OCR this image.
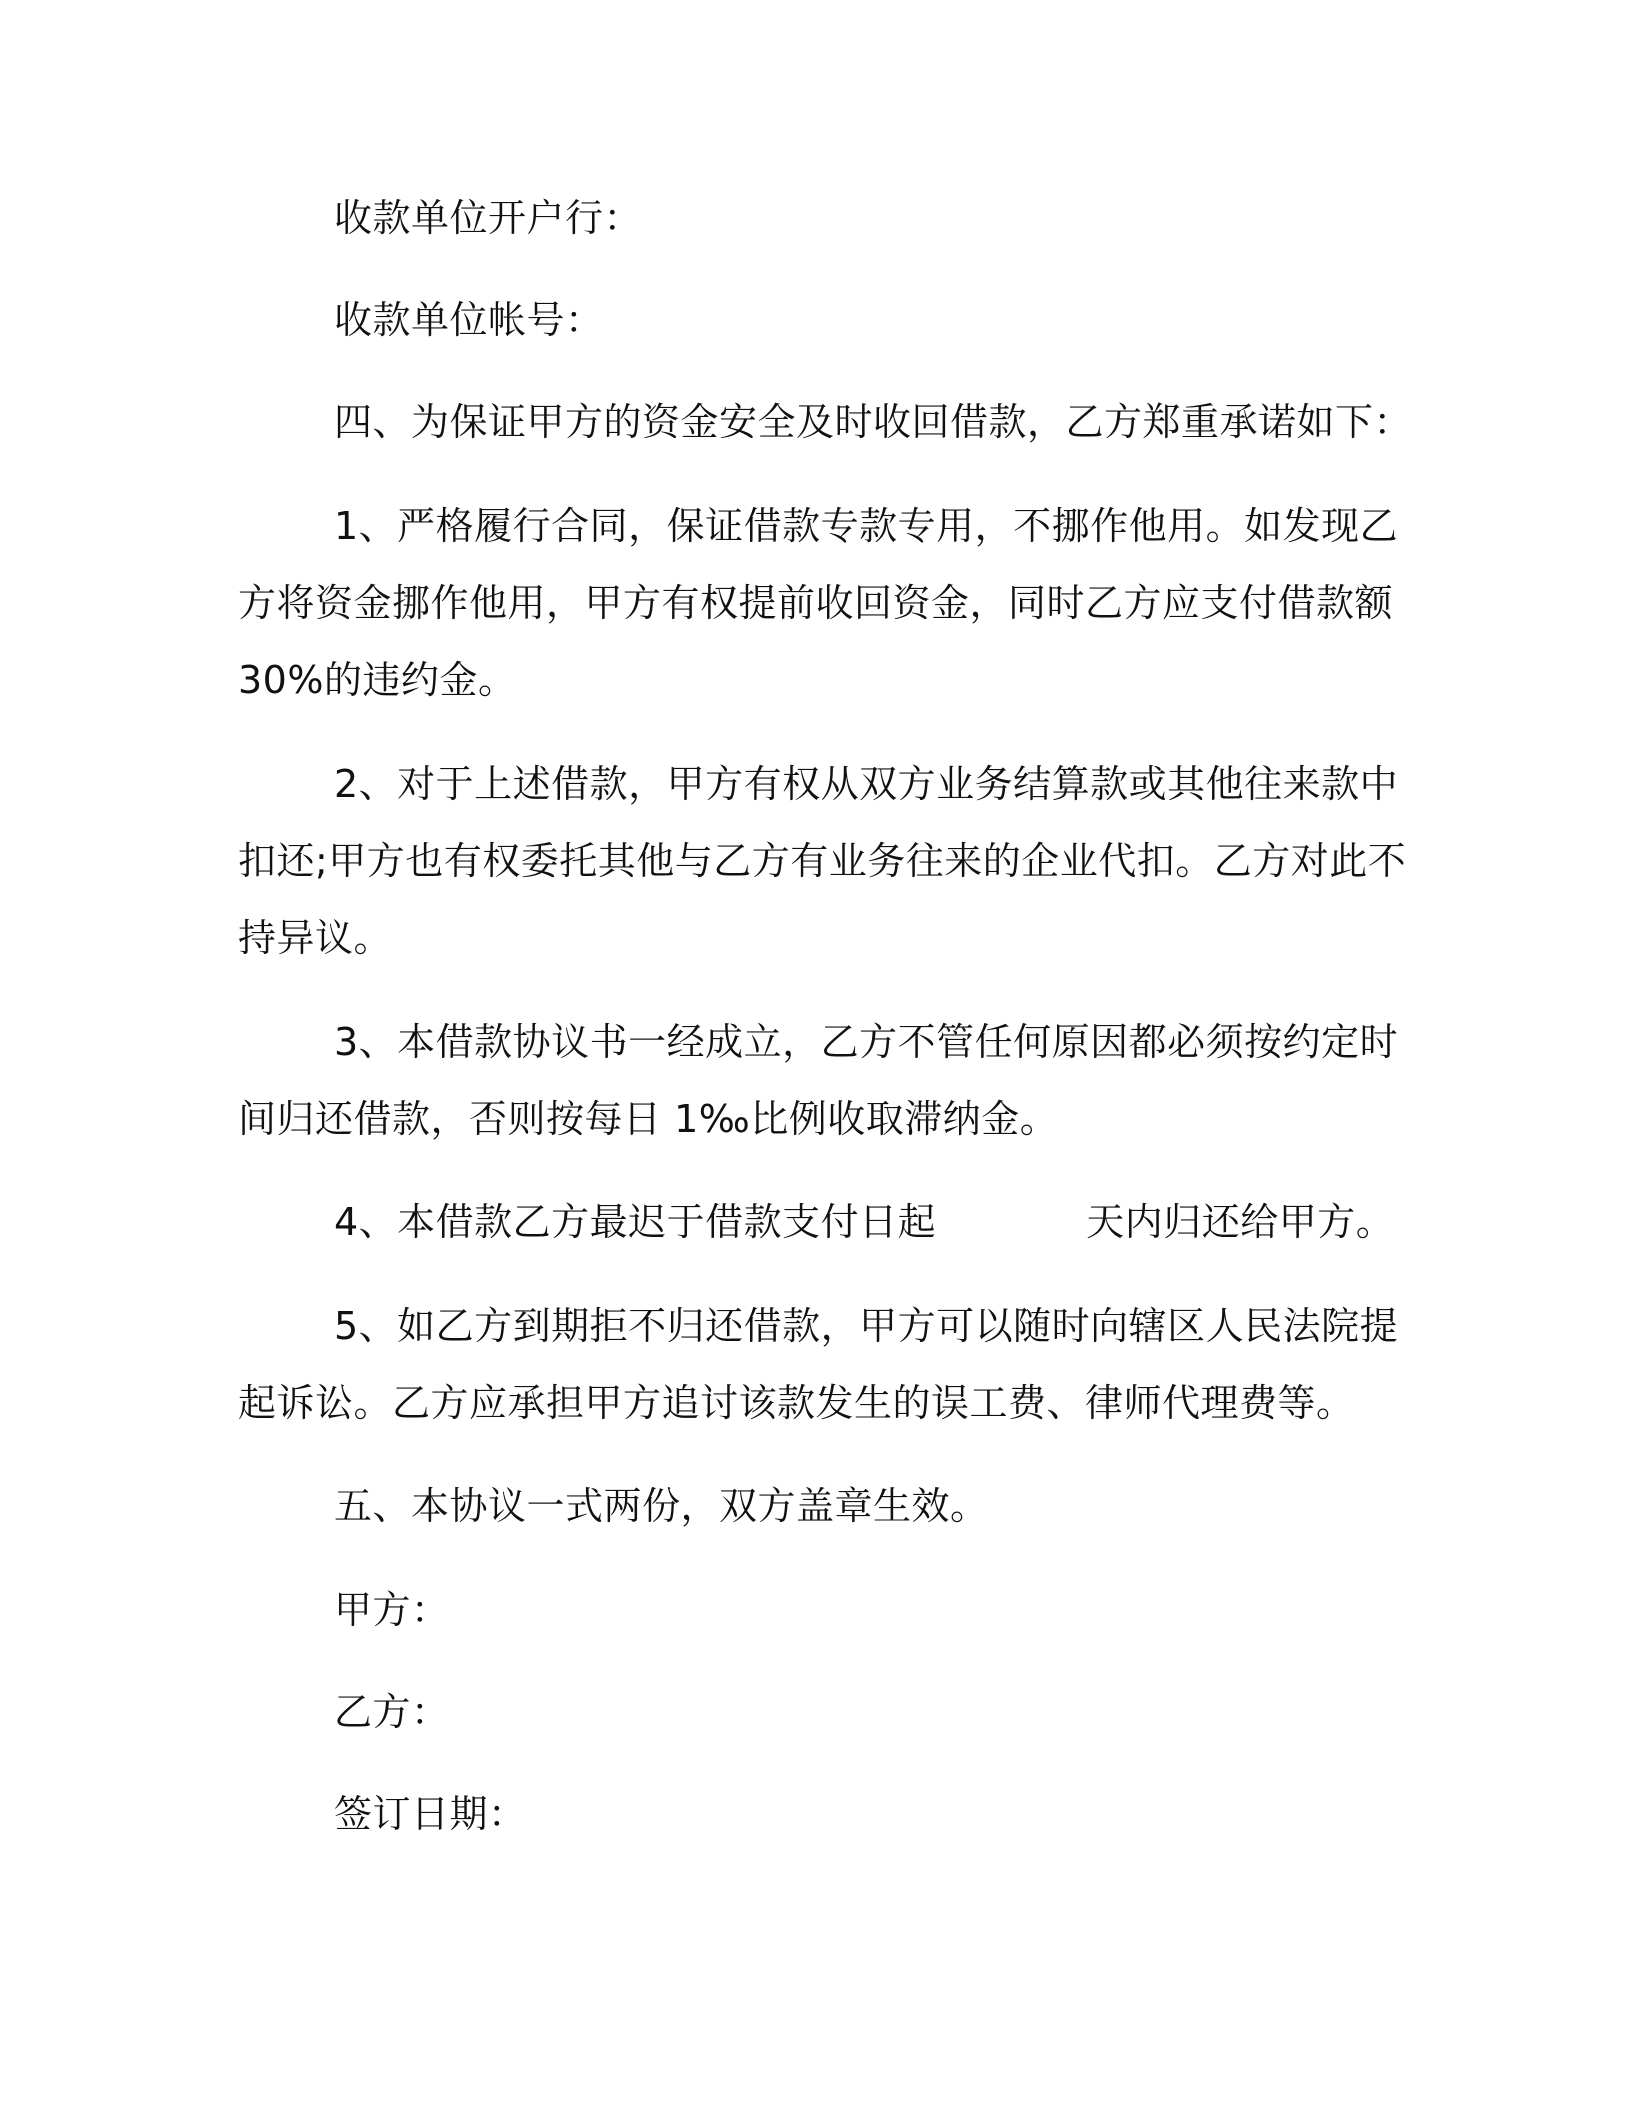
收款单位开户行：
收款单位帐号：
四、为保证甲方的资金安全及时收回借款，乙方郑重承诺如下：
1、严格履行合同，保证借款专款专用，不挪作他用。如发现乙
方将资金挪作他用，甲方有权提前收回资金，同时乙方应支付借款额
30%的违约金。
2、对于上述借款，甲方有权从双方业务结算款或其他往来款中
扣还;甲方也有权委托其他与乙方有业务往来的企业代扣。乙方对此不
持异议。
3、本借款协议书一经成立，乙方不管任何原因都必须按约定时
间归还借款，否则按每日 1‰比例收取滞纳金。
4、本借款乙方最迟于借款支付日起	天内归还给甲方。
5、如乙方到期拒不归还借款，甲方可以随时向辖区人民法院提
起诉讼。乙方应承担甲方追讨该款发生的误工费、律师代理费等。
五、本协议一式两份，双方盖章生效。
甲方：
乙方：
签订日期：
